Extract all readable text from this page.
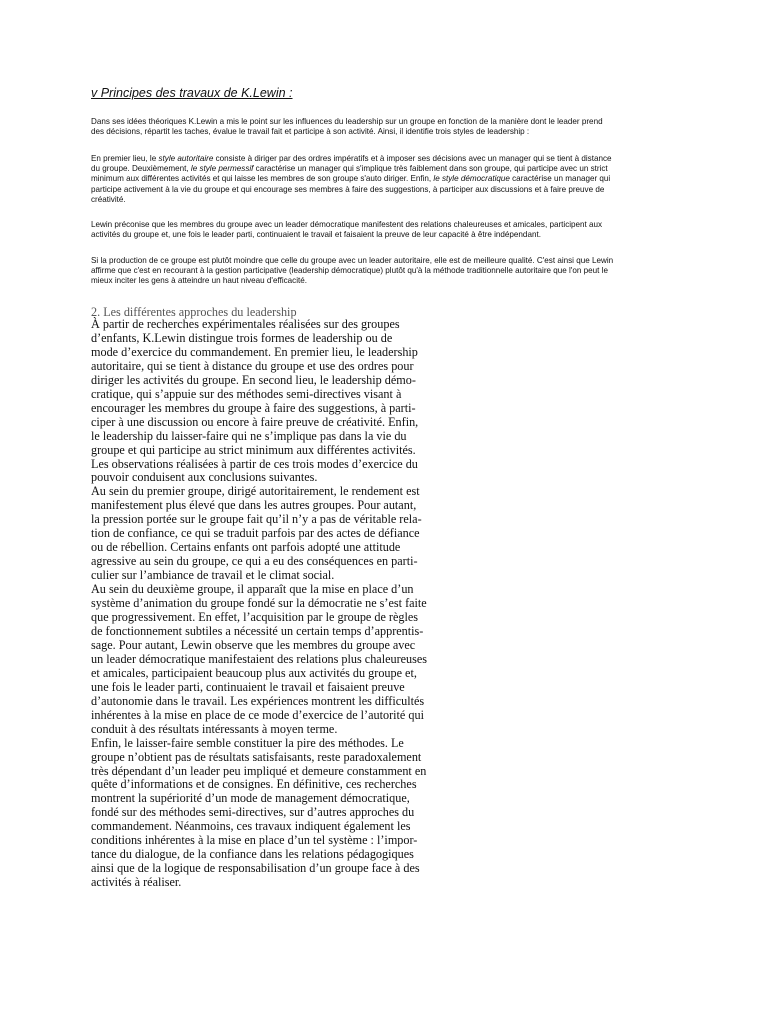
v Principes des travaux de K.Lewin :

Dans ses idées théoriques K.Lewin a mis le point sur les influences du leadership sur un groupe en fonction de la manière dont le leader prend
des décisions, répartit les taches, évalue le travail fait et participe à son activité. Ainsi, il identifie trois styles de leadership :

En premier lieu, le style autoritaire consiste à diriger par des ordres impératifs et à imposer ses décisions avec un manager qui se tient à distance
du groupe. Deuxièmement, le style permessif caractérise un manager qui s'implique très faiblement dans son groupe, qui participe avec un strict
minimum aux différentes activités et qui laisse les membres de son groupe s'auto diriger. Enfin, le style démocratique caractérise un manager qui
participe activement à la vie du groupe et qui encourage ses membres à faire des suggestions, à participer aux discussions et à faire preuve de
créativité.

Lewin préconise que les membres du groupe avec un leader démocratique manifestent des relations chaleureuses et amicales, participent aux
activités du groupe et, une fois le leader parti, continuaient le travail et faisaient la preuve de leur capacité à être indépendant.

Si la production de ce groupe est plutôt moindre que celle du groupe avec un leader autoritaire, elle est de meilleure qualité. C'est ainsi que Lewin
affirme que c'est en recourant à la gestion participative (leadership démocratique) plutôt qu'à la méthode traditionnelle autoritaire que l'on peut le
mieux inciter les gens à atteindre un haut niveau d'efficacité.

2. Les différentes approches du leadership
À partir de recherches expérimentales réalisées sur des groupes
d’enfants, K.Lewin distingue trois formes de leadership ou de
mode d’exercice du commandement. En premier lieu, le leadership
autoritaire, qui se tient à distance du groupe et use des ordres pour
diriger les activités du groupe. En second lieu, le leadership démo-
cratique, qui s’appuie sur des méthodes semi-directives visant à
encourager les membres du groupe à faire des suggestions, à parti-
ciper à une discussion ou encore à faire preuve de créativité. Enfin,
le leadership du laisser-faire qui ne s’implique pas dans la vie du
groupe et qui participe au strict minimum aux différentes activités.
Les observations réalisées à partir de ces trois modes d’exercice du
pouvoir conduisent aux conclusions suivantes.
Au sein du premier groupe, dirigé autoritairement, le rendement est
manifestement plus élevé que dans les autres groupes. Pour autant,
la pression portée sur le groupe fait qu’il n’y a pas de véritable rela-
tion de confiance, ce qui se traduit parfois par des actes de défiance
ou de rébellion. Certains enfants ont parfois adopté une attitude
agressive au sein du groupe, ce qui a eu des conséquences en parti-
culier sur l’ambiance de travail et le climat social.
Au sein du deuxième groupe, il apparaît que la mise en place d’un
système d’animation du groupe fondé sur la démocratie ne s’est faite
que progressivement. En effet, l’acquisition par le groupe de règles
de fonctionnement subtiles a nécessité un certain temps d’apprentis-
sage. Pour autant, Lewin observe que les membres du groupe avec
un leader démocratique manifestaient des relations plus chaleureuses
et amicales, participaient beaucoup plus aux activités du groupe et,
une fois le leader parti, continuaient le travail et faisaient preuve
d’autonomie dans le travail. Les expériences montrent les difficultés
inhérentes à la mise en place de ce mode d’exercice de l’autorité qui
conduit à des résultats intéressants à moyen terme.
Enfin, le laisser-faire semble constituer la pire des méthodes. Le
groupe n’obtient pas de résultats satisfaisants, reste paradoxalement
très dépendant d’un leader peu impliqué et demeure constamment en
quête d’informations et de consignes. En définitive, ces recherches
montrent la supériorité d’un mode de management démocratique,
fondé sur des méthodes semi-directives, sur d’autres approches du
commandement. Néanmoins, ces travaux indiquent également les
conditions inhérentes à la mise en place d’un tel système : l’impor-
tance du dialogue, de la confiance dans les relations pédagogiques
ainsi que de la logique de responsabilisation d’un groupe face à des
activités à réaliser.
